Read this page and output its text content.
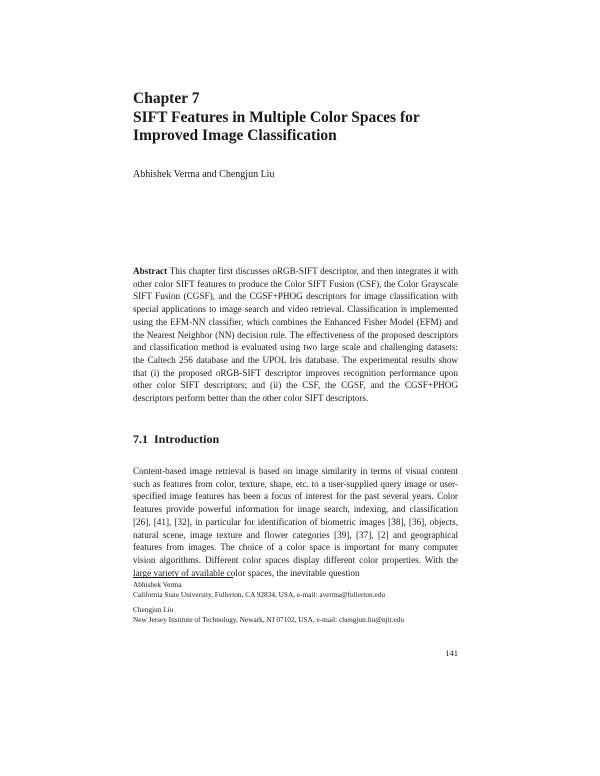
Chapter 7
SIFT Features in Multiple Color Spaces for Improved Image Classification

Abhishek Verma and Chengjun Liu

Abstract This chapter first discusses oRGB-SIFT descriptor, and then integrates it with other color SIFT features to produce the Color SIFT Fusion (CSF), the Color Grayscale SIFT Fusion (CGSF), and the CGSF+PHOG descriptors for image classification with special applications to image search and video retrieval. Classification is implemented using the EFM-NN classifier, which combines the Enhanced Fisher Model (EFM) and the Nearest Neighbor (NN) decision rule. The effectiveness of the proposed descriptors and classification method is evaluated using two large scale and challenging datasets: the Caltech 256 database and the UPOL Iris database. The experimental results show that (i) the proposed oRGB-SIFT descriptor improves recognition performance upon other color SIFT descriptors; and (ii) the CSF, the CGSF, and the CGSF+PHOG descriptors perform better than the other color SIFT descriptors.

7.1 Introduction

Content-based image retrieval is based on image similarity in terms of visual content such as features from color, texture, shape, etc. to a user-supplied query image or user-specified image features has been a focus of interest for the past several years. Color features provide powerful information for image search, indexing, and classification [26], [41], [32], in particular for identification of biometric images [38], [36], objects, natural scene, image texture and flower categories [39], [37], [2] and geographical features from images. The choice of a color space is important for many computer vision algorithms. Different color spaces display different color properties. With the large variety of available color spaces, the inevitable question

Abhishek Verma
California State University, Fullerton, CA 92834, USA, e-mail: averma@fullerton.edu
Chengjun Liu
New Jersey Institute of Technology, Newark, NJ 07102, USA, e-mail: chengjun.liu@njit.edu
141
